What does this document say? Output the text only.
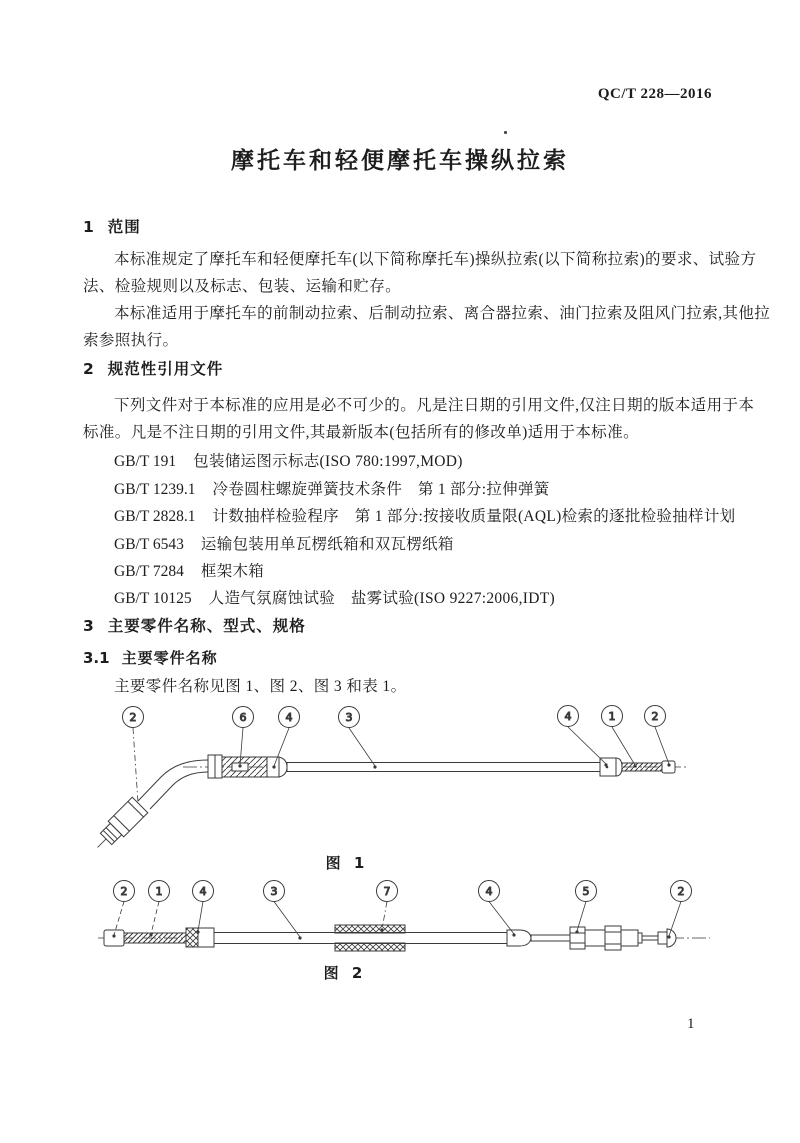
QC/T 228—2016
摩托车和轻便摩托车操纵拉索
1 范围
本标准规定了摩托车和轻便摩托车(以下简称摩托车)操纵拉索(以下简称拉索)的要求、试验方
法、检验规则以及标志、包装、运输和贮存。
本标准适用于摩托车的前制动拉索、后制动拉索、离合器拉索、油门拉索及阻风门拉索,其他拉
索参照执行。
2 规范性引用文件
下列文件对于本标准的应用是必不可少的。凡是注日期的引用文件,仅注日期的版本适用于本
标准。凡是不注日期的引用文件,其最新版本(包括所有的修改单)适用于本标准。
GB/T 191 包装储运图示标志(ISO 780:1997,MOD)
GB/T 1239.1 冷卷圆柱螺旋弹簧技术条件　第 1 部分:拉伸弹簧
GB/T 2828.1 计数抽样检验程序　第 1 部分:按接收质量限(AQL)检索的逐批检验抽样计划
GB/T 6543 运输包装用单瓦楞纸箱和双瓦楞纸箱
GB/T 7284 框架木箱
GB/T 10125 人造气氛腐蚀试验　盐雾试验(ISO 9227:2006,IDT)
3 主要零件名称、型式、规格
3.1 主要零件名称
主要零件名称见图 1、图 2、图 3 和表 1。
2	6	4	3	4	1	2
图 1
2	1	4	3	7	4	5	2
图 2
1
